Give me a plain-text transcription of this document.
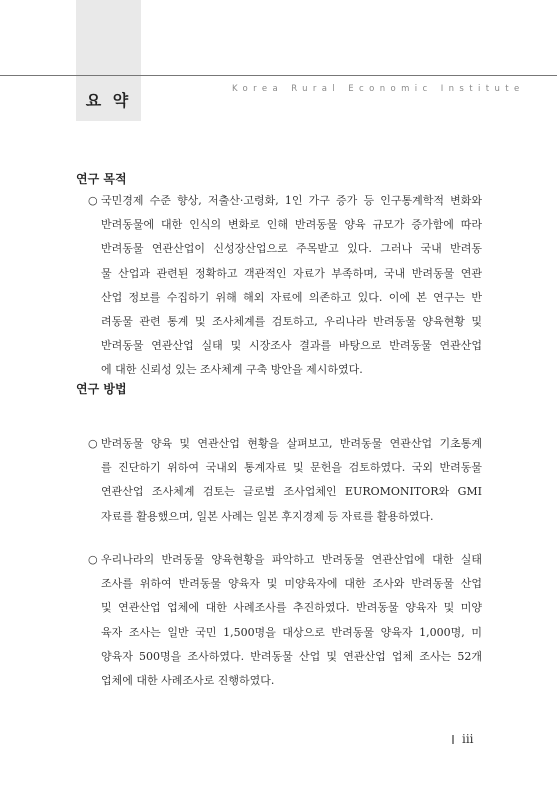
요 약
Korea Rural Economic Institute
연구 목적
○ 국민경제 수준 향상, 저출산·고령화, 1인 가구 증가 등 인구통계학적 변화와
반려동물에 대한 인식의 변화로 인해 반려동물 양육 규모가 증가함에 따라
반려동물 연관산업이 신성장산업으로 주목받고 있다. 그러나 국내 반려동
물 산업과 관련된 정확하고 객관적인 자료가 부족하며, 국내 반려동물 연관
산업 정보를 수집하기 위해 해외 자료에 의존하고 있다. 이에 본 연구는 반
려동물 관련 통계 및 조사체계를 검토하고, 우리나라 반려동물 양육현황 및
반려동물 연관산업 실태 및 시장조사 결과를 바탕으로 반려동물 연관산업
에 대한 신뢰성 있는 조사체계 구축 방안을 제시하였다.
연구 방법
○ 반려동물 양육 및 연관산업 현황을 살펴보고, 반려동물 연관산업 기초통계
를 진단하기 위하여 국내외 통계자료 및 문헌을 검토하였다. 국외 반려동물
연관산업 조사체계 검토는 글로벌 조사업체인 EUROMONITOR와 GMI
자료를 활용했으며, 일본 사례는 일본 후지경제 등 자료를 활용하였다.
○ 우리나라의 반려동물 양육현황을 파악하고 반려동물 연관산업에 대한 실태
조사를 위하여 반려동물 양육자 및 미양육자에 대한 조사와 반려동물 산업
및 연관산업 업체에 대한 사례조사를 추진하였다. 반려동물 양육자 및 미양
육자 조사는 일반 국민 1,500명을 대상으로 반려동물 양육자 1,000명, 미
양육자 500명을 조사하였다. 반려동물 산업 및 연관산업 업체 조사는 52개
업체에 대한 사례조사로 진행하였다.
iii
